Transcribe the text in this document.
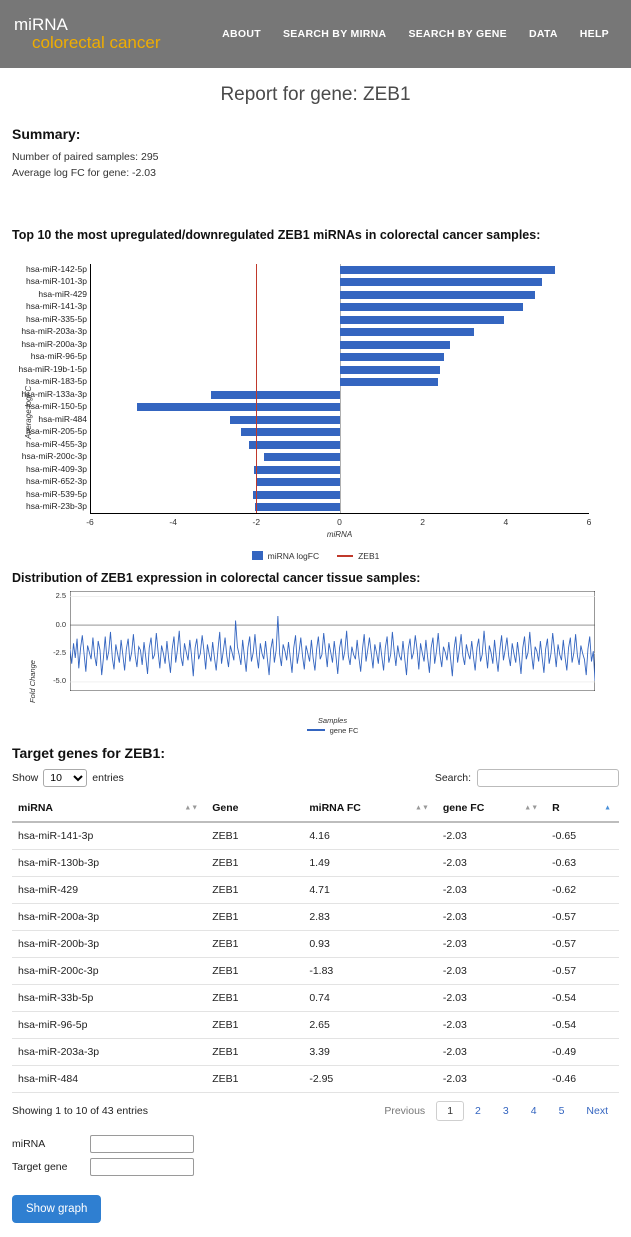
miRNA
colorectal cancer	ABOUT SEARCH BY MIRNA SEARCH BY GENE DATA HELP
Report for gene: ZEB1
Summary:
Number of paired samples: 295
Average log FC for gene: -2.03
Top 10 the most upregulated/downregulated ZEB1 miRNAs in colorectal cancer samples:
Average logFC
hsa-miR-142-5p
hsa-miR-101-3p
hsa-miR-429
hsa-miR-141-3p
hsa-miR-335-5p
hsa-miR-203a-3p
hsa-miR-200a-3p
hsa-miR-96-5p
hsa-miR-19b-1-5p
hsa-miR-183-5p
hsa-miR-133a-3p
hsa-miR-150-5p
hsa-miR-484
hsa-miR-205-5p
hsa-miR-455-3p
hsa-miR-200c-3p
hsa-miR-409-3p
hsa-miR-652-3p
hsa-miR-539-5p
hsa-miR-23b-3p
-6	-4	-2	0	2	4	6
miRNA
miRNA logFC	ZEB1
Distribution of ZEB1 expression in colorectal cancer tissue samples:
Fold Change

2.5
0.0
-2.5
-5.0
Samples
gene FC
Target genes for ZEB1:
Show
10	entries	Search:
miRNA ▲▼	Gene	miRNA FC ▲▼	gene FC ▲▼	R ▲

hsa-miR-141-3p	ZEB1	4.16	-2.03	-0.65
hsa-miR-130b-3p	ZEB1	1.49	-2.03	-0.63
hsa-miR-429	ZEB1	4.71	-2.03	-0.62
hsa-miR-200a-3p	ZEB1	2.83	-2.03	-0.57
hsa-miR-200b-3p	ZEB1	0.93	-2.03	-0.57
hsa-miR-200c-3p	ZEB1	-1.83	-2.03	-0.57
hsa-miR-33b-5p	ZEB1	0.74	-2.03	-0.54
hsa-miR-96-5p	ZEB1	2.65	-2.03	-0.54
hsa-miR-203a-3p	ZEB1	3.39	-2.03	-0.49
hsa-miR-484	ZEB1	-2.95	-2.03	-0.46
Showing 1 to 10 of 43 entries	Previous	1	2	3	4	5	Next
miRNA
Target gene
Show graph
